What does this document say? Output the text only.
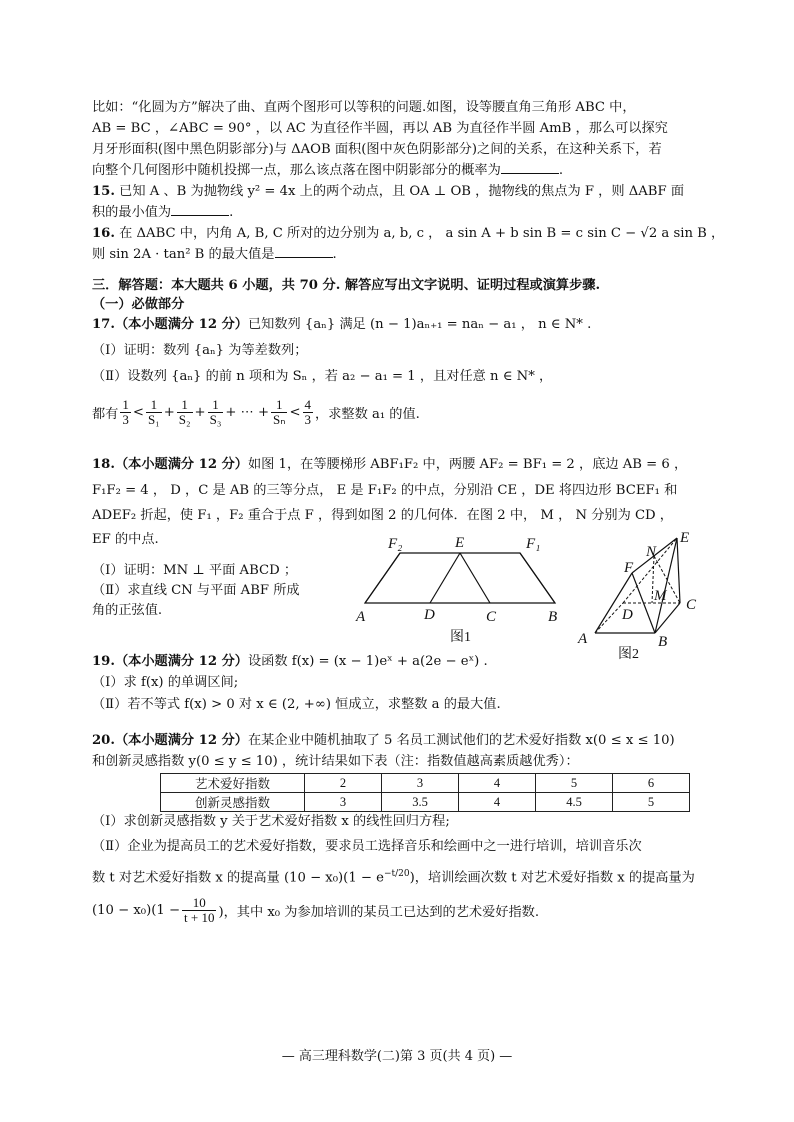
比如：“化圆为方”解决了曲、直两个图形可以等积的问题.如图，设等腰直角三角形 ABC 中，
AB = BC ，∠ABC = 90° ，以 AC 为直径作半圆，再以 AB 为直径作半圆 AmB ，那么可以探究
月牙形面积(图中黑色阴影部分)与 ΔAOB 面积(图中灰色阴影部分)之间的关系，在这种关系下，若
向整个几何图形中随机投掷一点，那么该点落在图中阴影部分的概率为	.
15. 已知 A 、B 为抛物线 y² = 4x 上的两个动点，且 OA ⊥ OB ，抛物线的焦点为 F ，则 ΔABF 面
积的最小值为	.
16. 在 ΔABC 中，内角 A, B, C 所对的边分别为 a, b, c ， a sin A + b sin B = c sin C − √2 a sin B ，
则 sin 2A · tan² B 的最大值是	.
三．解答题：本大题共 6 小题，共 70 分. 解答应写出文字说明、证明过程或演算步骤.
（一）必做部分
17.（本小题满分 12 分）已知数列 {aₙ} 满足 (n − 1)aₙ₊₁ = naₙ − a₁ ， n ∈ N* .
（Ⅰ）证明：数列 {aₙ} 为等差数列；
（Ⅱ）设数列 {aₙ} 的前 n 项和为 Sₙ ，若 a₂ − a₁ = 1 ，且对任意 n ∈ N* ，
都有 $\frac{1}{3} < \frac{1}{\text{S₁}} + \frac{1}{\text{S₂}} + \frac{1}{\text{S₃}}$ + ⋯ + $\frac{1}{\text{Sₙ}} < \frac{4}{3}$ ，求整数 a₁ 的值.
18.（本小题满分 12 分）如图 1，在等腰梯形 ABF₁F₂ 中，两腰 AF₂ = BF₁ = 2 ，底边 AB = 6 ，
F₁F₂ = 4 ， D ，C 是 AB 的三等分点， E 是 F₁F₂ 的中点，分别沿 CE ，DE 将四边形 BCEF₁ 和
ADEF₂ 折起，使 F₁ ，F₂ 重合于点 F ，得到如图 2 的几何体．在图 2 中， M ， N 分别为 CD ，
EF 的中点.
（Ⅰ）证明：MN ⊥ 平面 ABCD ；
（Ⅱ）求直线 CN 与平面 ABF 所成
角的正弦值.
F₂	E	F₁
A	D	C	B
图1
N
E
F
M
C
D
A	B
图2
19.（本小题满分 12 分）设函数 f(x) = (x − 1)eˣ + a(2e − eˣ) .
（Ⅰ）求 f(x) 的单调区间;
（Ⅱ）若不等式 f(x) > 0 对 x ∈ (2, +∞) 恒成立，求整数 a 的最大值.
20.（本小题满分 12 分）在某企业中随机抽取了 5 名员工测试他们的艺术爱好指数 x(0 ≤ x ≤ 10)
和创新灵感指数 y(0 ≤ y ≤ 10) ，统计结果如下表（注：指数值越高素质越优秀）：
艺术爱好指数	2	3	4	5	6
创新灵感指数	3	3.5	4	4.5	5
（Ⅰ）求创新灵感指数 y 关于艺术爱好指数 x 的线性回归方程;
（Ⅱ）企业为提高员工的艺术爱好指数，要求员工选择音乐和绘画中之一进行培训，培训音乐次
数 t 对艺术爱好指数 x 的提高量 $(10 - x_0)(1 - e^{-t/20})$，培训绘画次数 t 对艺术爱好指数 x 的提高量为
$(10 - x_0)(1 - \frac{10}{t + 10}$ )，其中 x₀ 为参加培训的某员工已达到的艺术爱好指数.
— 高三理科数学(二)第 3 页(共 4 页) —
